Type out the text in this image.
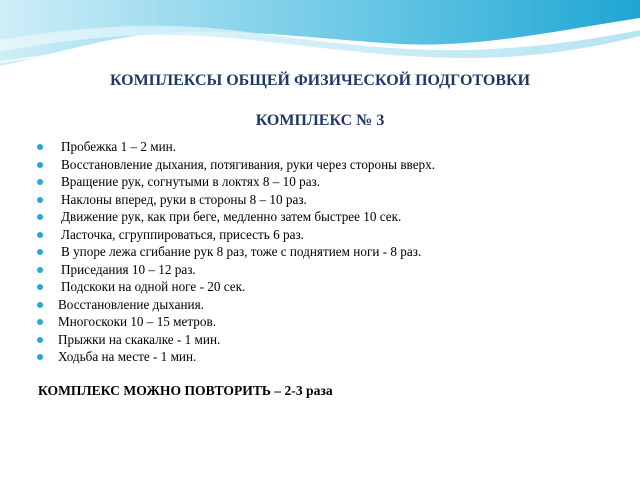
КОМПЛЕКСЫ ОБЩЕЙ ФИЗИЧЕСКОЙ ПОДГОТОВКИ
КОМПЛЕКС № 3
Пробежка 1 – 2 мин.
Восстановление дыхания, потягивания, руки через стороны вверх.
Вращение рук, согнутыми в локтях 8 – 10 раз.
Наклоны вперед, руки в стороны 8 – 10 раз.
Движение рук, как при беге, медленно затем быстрее 10 сек.
Ласточка, сгруппироваться, присесть 6 раз.
В упоре лежа сгибание рук 8 раз, тоже с поднятием ноги - 8 раз.
Приседания 10 – 12 раз.
Подскоки на одной ноге - 20 сек.
Восстановление дыхания.
Многоскоки 10 – 15 метров.
Прыжки на скакалке - 1 мин.
Ходьба на месте - 1 мин.
КОМПЛЕКС МОЖНО ПОВТОРИТЬ – 2-3 раза
